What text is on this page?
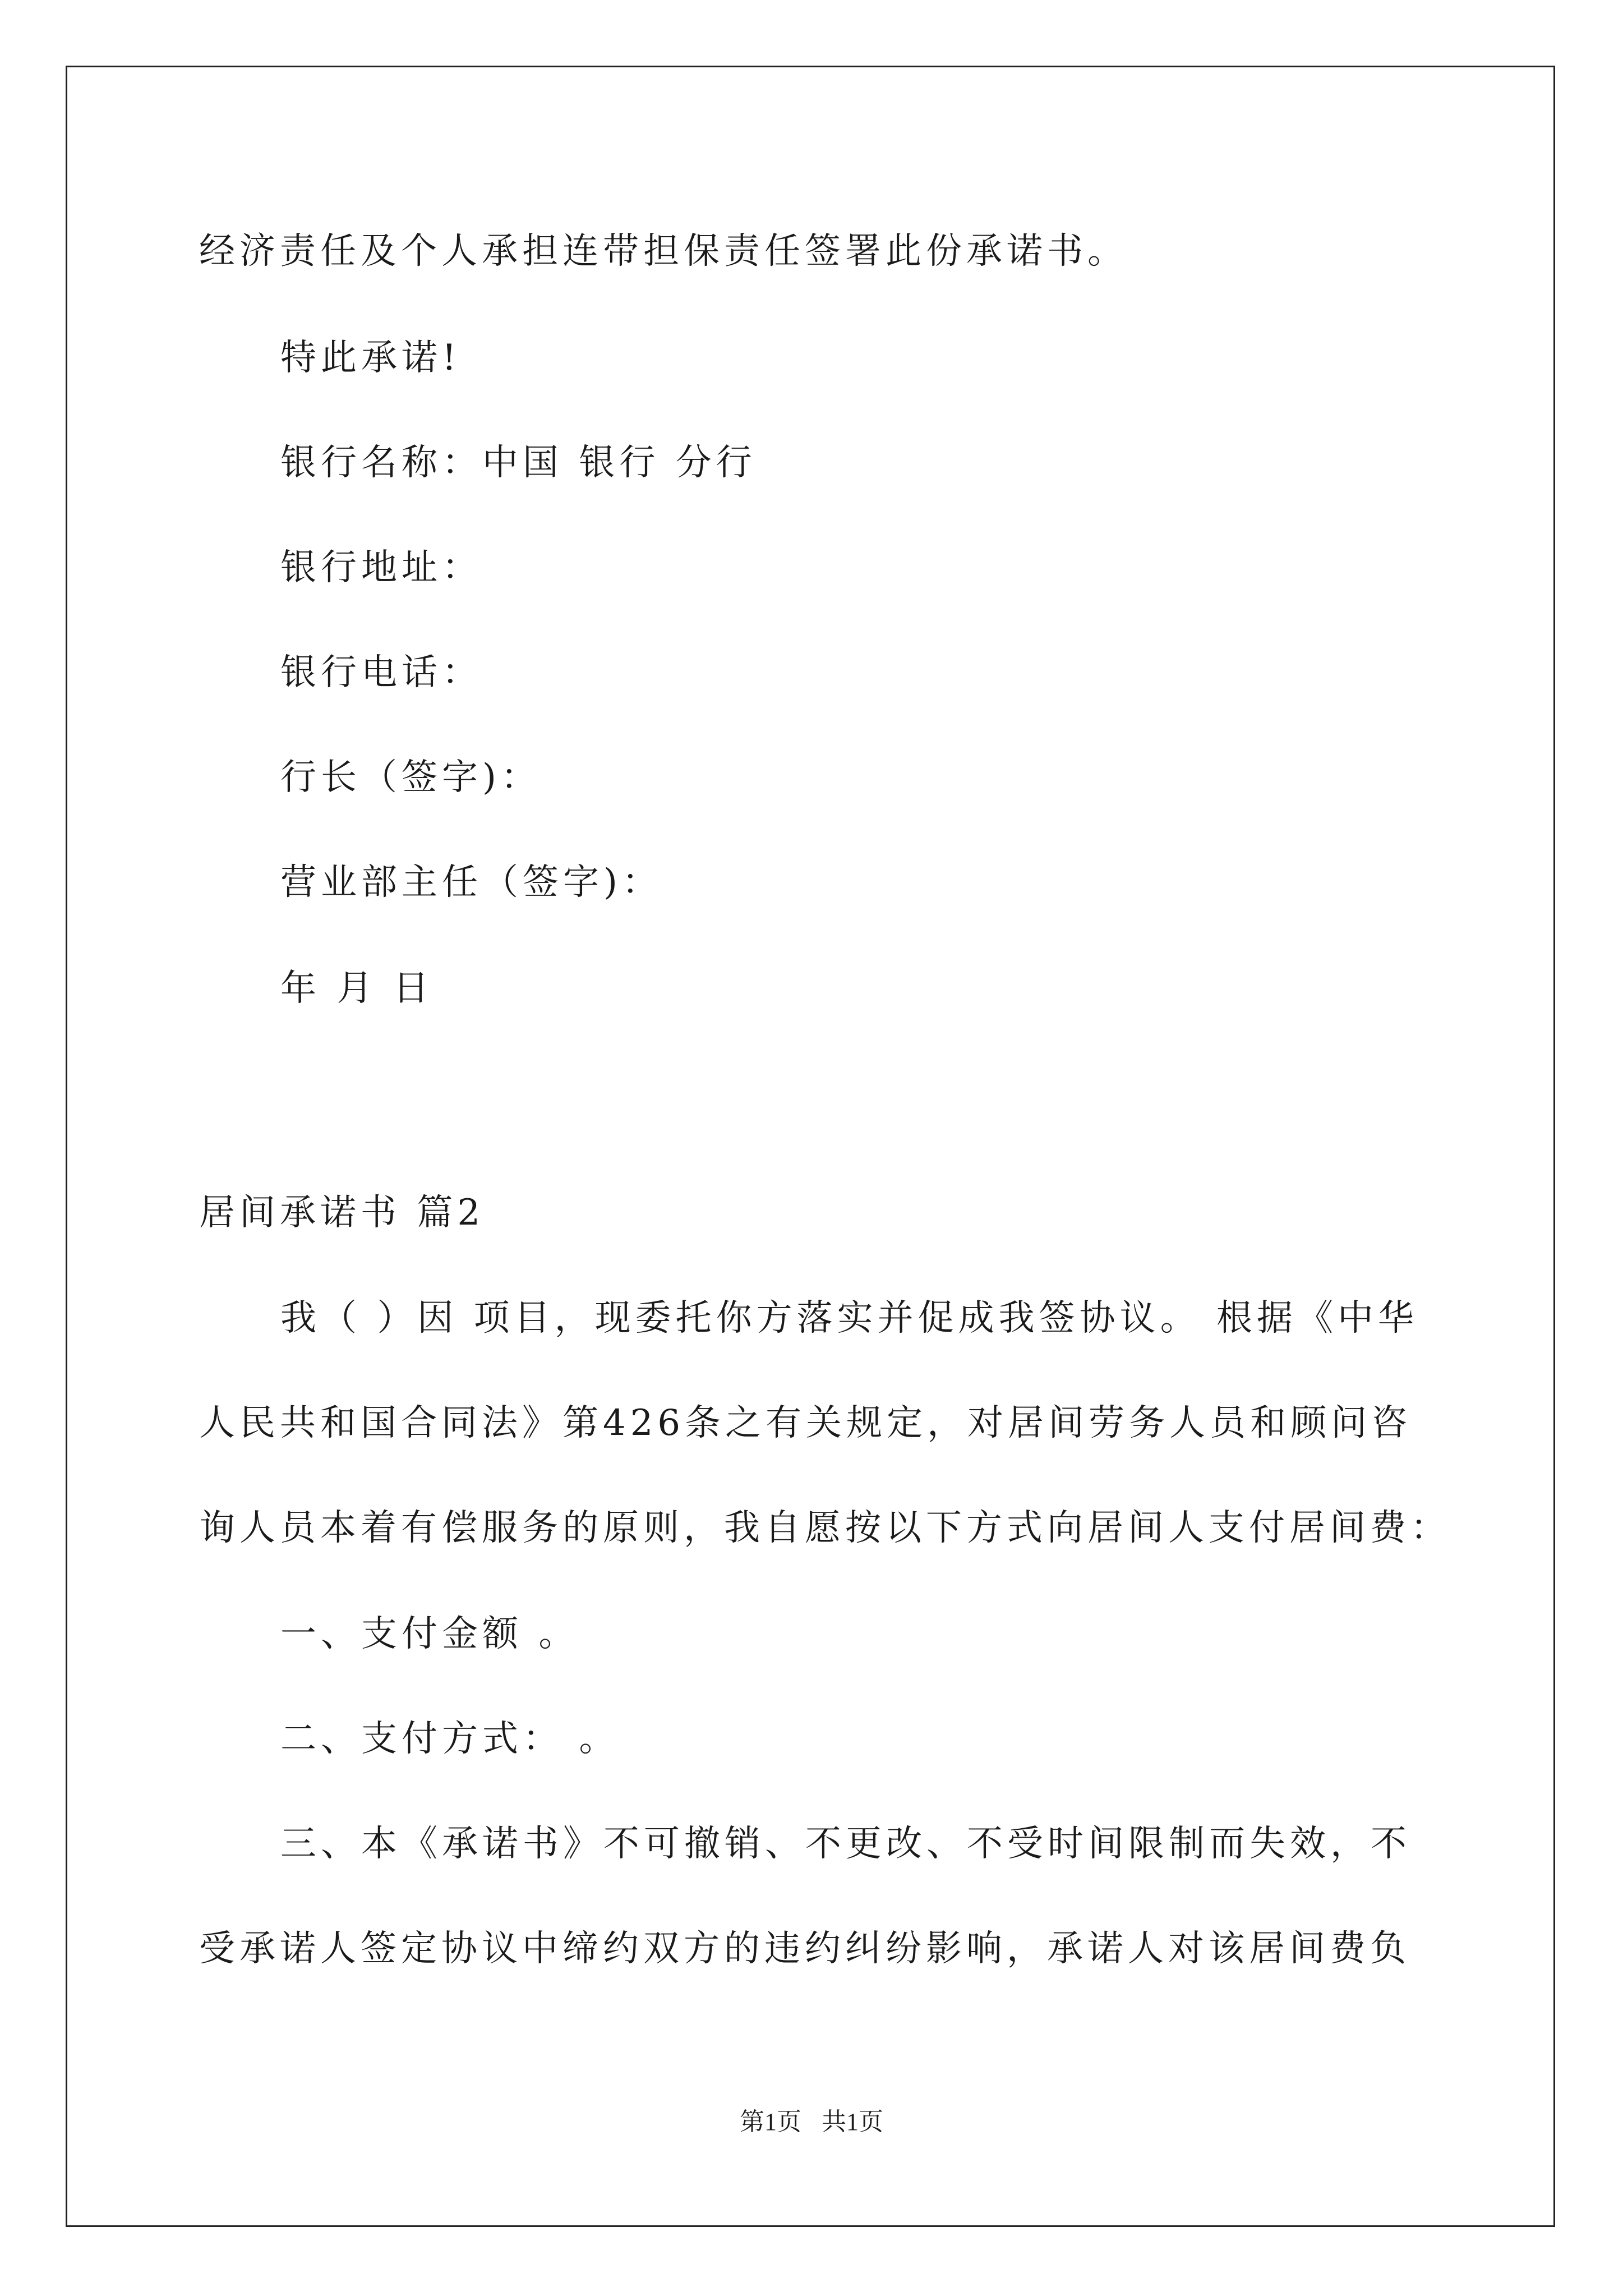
经济责任及个人承担连带担保责任签署此份承诺书。
特此承诺!
银行名称：中国 银行 分行
银行地址：
银行电话：
行长（签字)：
营业部主任（签字)：
年 月 日
居间承诺书 篇2
我（ ）因 项目，现委托你方落实并促成我签协议。 根据《中华
人民共和国合同法》第426条之有关规定，对居间劳务人员和顾问咨
询人员本着有偿服务的原则，我自愿按以下方式向居间人支付居间费：
一、支付金额 。
二、支付方式： 。
三、本《承诺书》不可撤销、不更改、不受时间限制而失效，不
受承诺人签定协议中缔约双方的违约纠纷影响，承诺人对该居间费负
第1页 共1页
